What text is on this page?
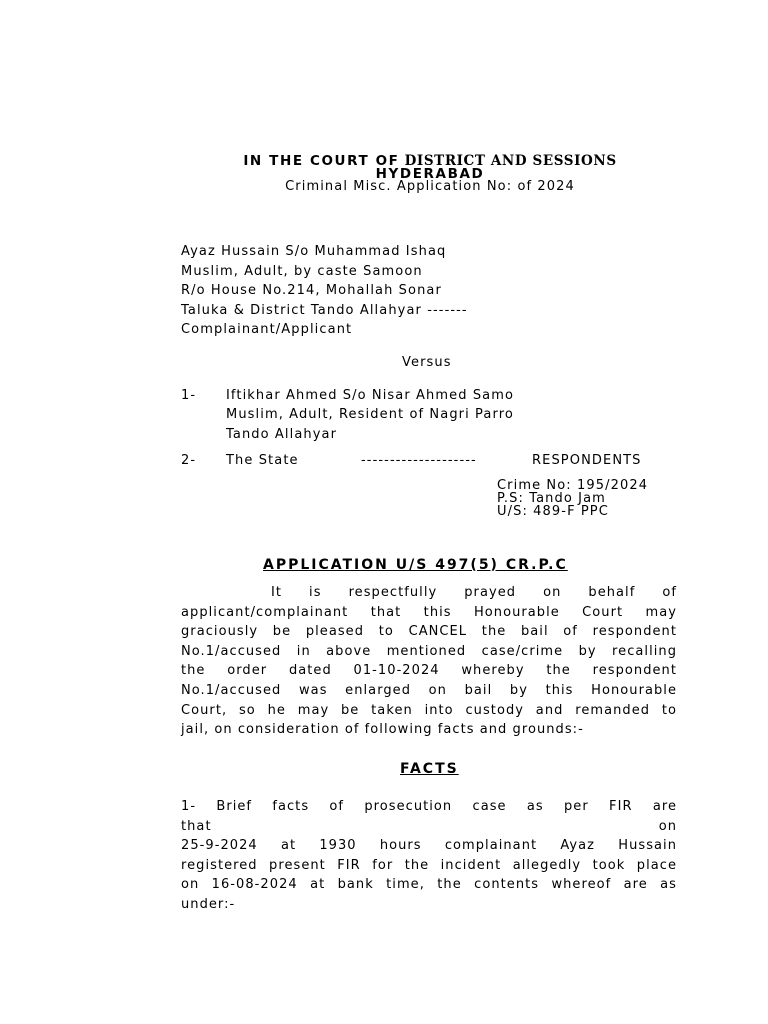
IN THE COURT OF DISTRICT AND SESSIONS
HYDERABAD
Criminal Misc. Application No: of 2024
Ayaz Hussain S/o Muhammad Ishaq
Muslim, Adult, by caste Samoon
R/o House No.214, Mohallah Sonar
Taluka & District Tando Allahyar -------
Complainant/Applicant
Versus
1- Iftikhar Ahmed S/o Nisar Ahmed Samo
Muslim, Adult, Resident of Nagri Parro
Tando Allahyar
2- The State	--------------------	RESPONDENTS
Crime No: 195/2024
P.S: Tando Jam
U/S: 489-F PPC
APPLICATION U/S 497(5) CR.P.C
It is respectfully prayed on behalf of
applicant/complainant that this Honourable Court may
graciously be pleased to CANCEL the bail of respondent
No.1/accused in above mentioned case/crime by recalling
the order dated 01-10-2024 whereby the respondent
No.1/accused was enlarged on bail by this Honourable
Court, so he may be taken into custody and remanded to
jail, on consideration of following facts and grounds:-
FACTS
1- Brief facts of prosecution case as per FIR are
that on
25-9-2024 at 1930 hours complainant Ayaz Hussain
registered present FIR for the incident allegedly took place
on 16-08-2024 at bank time, the contents whereof are as
under:-
